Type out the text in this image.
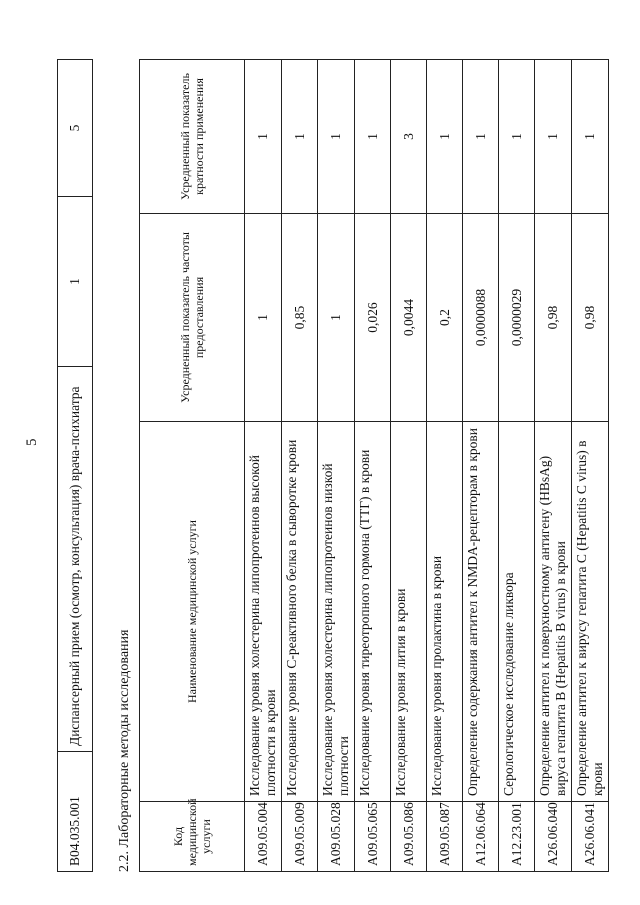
5
B04.035.001	Диспансерный прием (осмотр, консультация) врача-психиатра	1	5
2.2. Лабораторные методы исследования	Код медицинской услуги	Наименование медицинской услуги	Усредненный показатель частоты предоставления	Усредненный показатель кратности применения
A09.05.004	Исследование уровня холестерина липопротеинов высокой плотности в крови	1	1
A09.05.009	Исследование уровня С-реактивного белка в сыворотке крови	0,85	1
A09.05.028	Исследование уровня холестерина липопротеинов низкой плотности	1	1
A09.05.065	Исследование уровня тиреотропного гормона (ТТГ) в крови	0,026	1
A09.05.086	Исследование уровня лития в крови	0,0044	3
A09.05.087	Исследование уровня пролактина в крови	0,2	1
A12.06.064	Определение содержания антител к NMDA-рецепторам в крови	0,0000088	1
A12.23.001	Серологическое исследование ликвора	0,0000029	1
A26.06.040	Определение антител к поверхностному антигену (HBsAg) вируса гепатита B (Hepatitis B virus) в крови	0,98	1
A26.06.041	Определение антител к вирусу гепатита C (Hepatitis C virus) в крови	0,98	1
